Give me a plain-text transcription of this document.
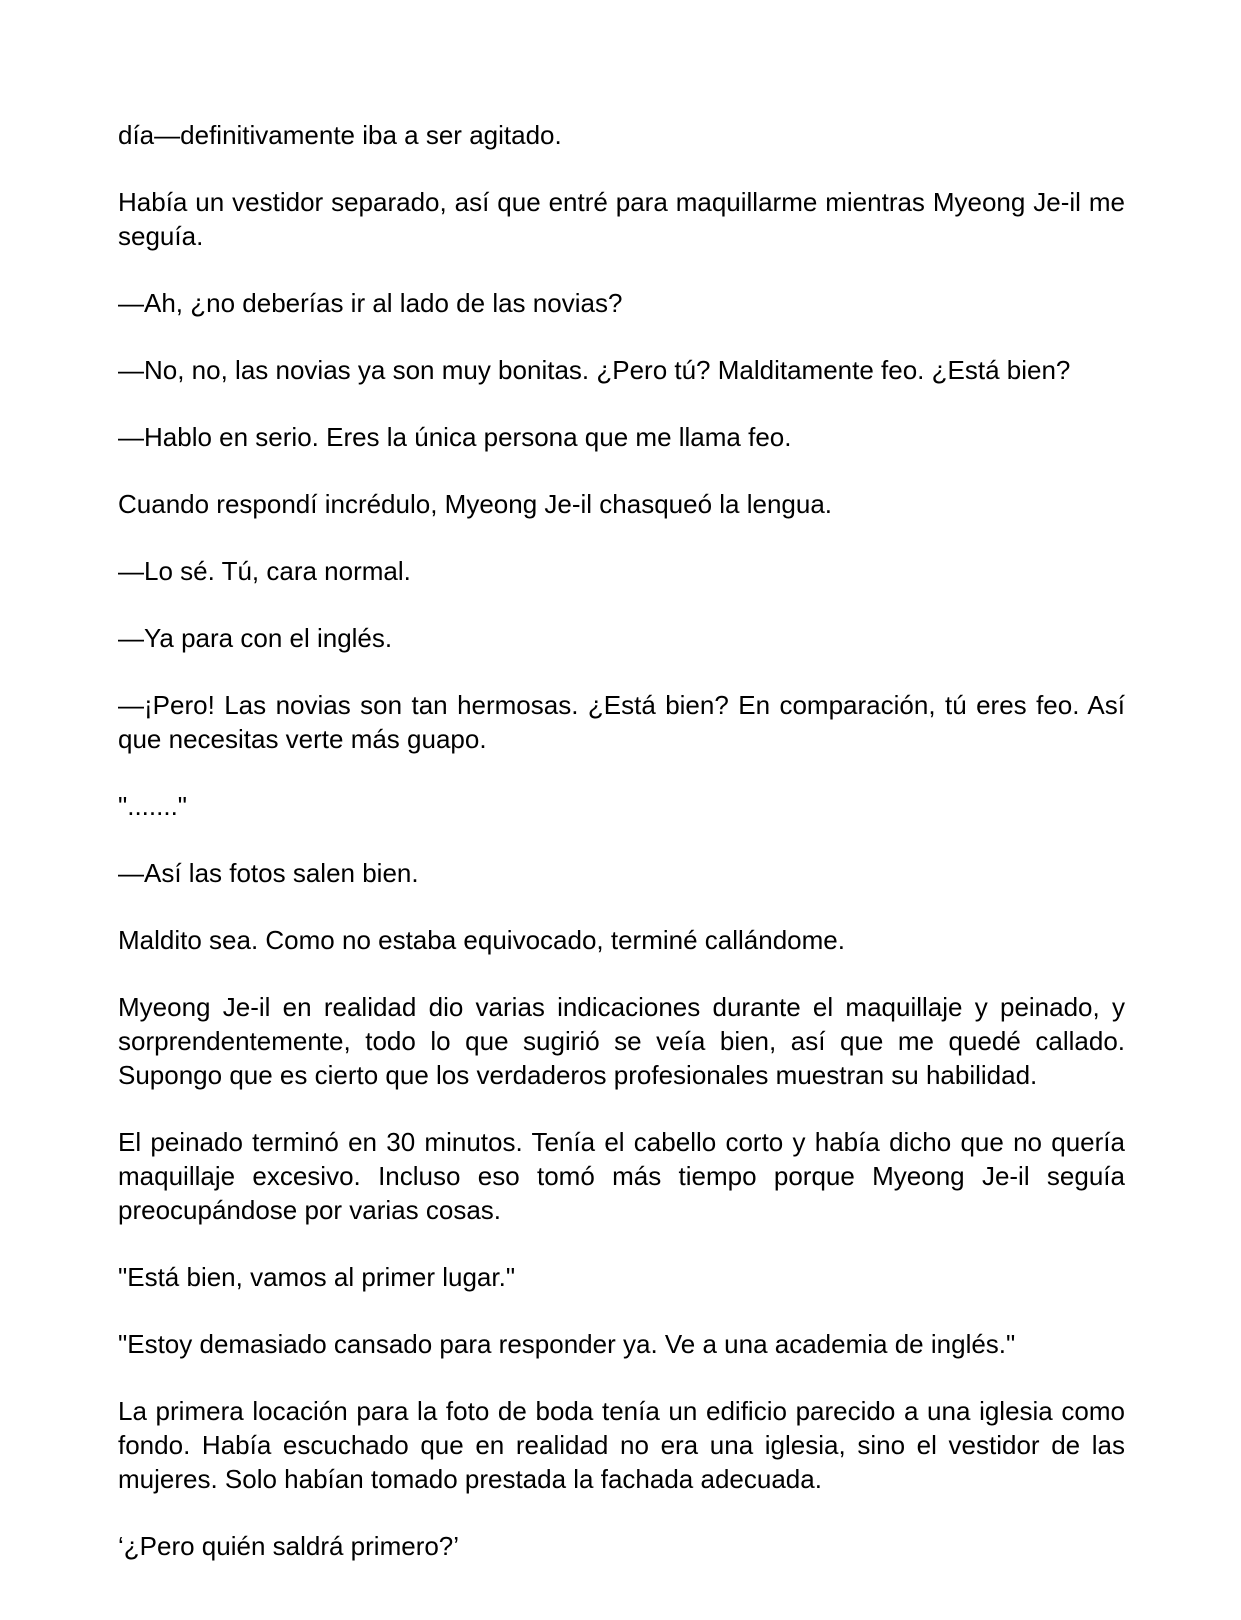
día—definitivamente iba a ser agitado.

Había un vestidor separado, así que entré para maquillarme mientras Myeong Je-il me seguía.

—Ah, ¿no deberías ir al lado de las novias?

—No, no, las novias ya son muy bonitas. ¿Pero tú? Malditamente feo. ¿Está bien?

—Hablo en serio. Eres la única persona que me llama feo.

Cuando respondí incrédulo, Myeong Je-il chasqueó la lengua.

—Lo sé. Tú, cara normal.

—Ya para con el inglés.

—¡Pero! Las novias son tan hermosas. ¿Está bien? En comparación, tú eres feo. Así que necesitas verte más guapo.

"......."

—Así las fotos salen bien.

Maldito sea. Como no estaba equivocado, terminé callándome.

Myeong Je-il en realidad dio varias indicaciones durante el maquillaje y peinado, y sorprendentemente, todo lo que sugirió se veía bien, así que me quedé callado. Supongo que es cierto que los verdaderos profesionales muestran su habilidad.

El peinado terminó en 30 minutos. Tenía el cabello corto y había dicho que no quería maquillaje excesivo. Incluso eso tomó más tiempo porque Myeong Je-il seguía preocupándose por varias cosas.

"Está bien, vamos al primer lugar."

"Estoy demasiado cansado para responder ya. Ve a una academia de inglés."

La primera locación para la foto de boda tenía un edificio parecido a una iglesia como fondo. Había escuchado que en realidad no era una iglesia, sino el vestidor de las mujeres. Solo habían tomado prestada la fachada adecuada.

‘¿Pero quién saldrá primero?’
